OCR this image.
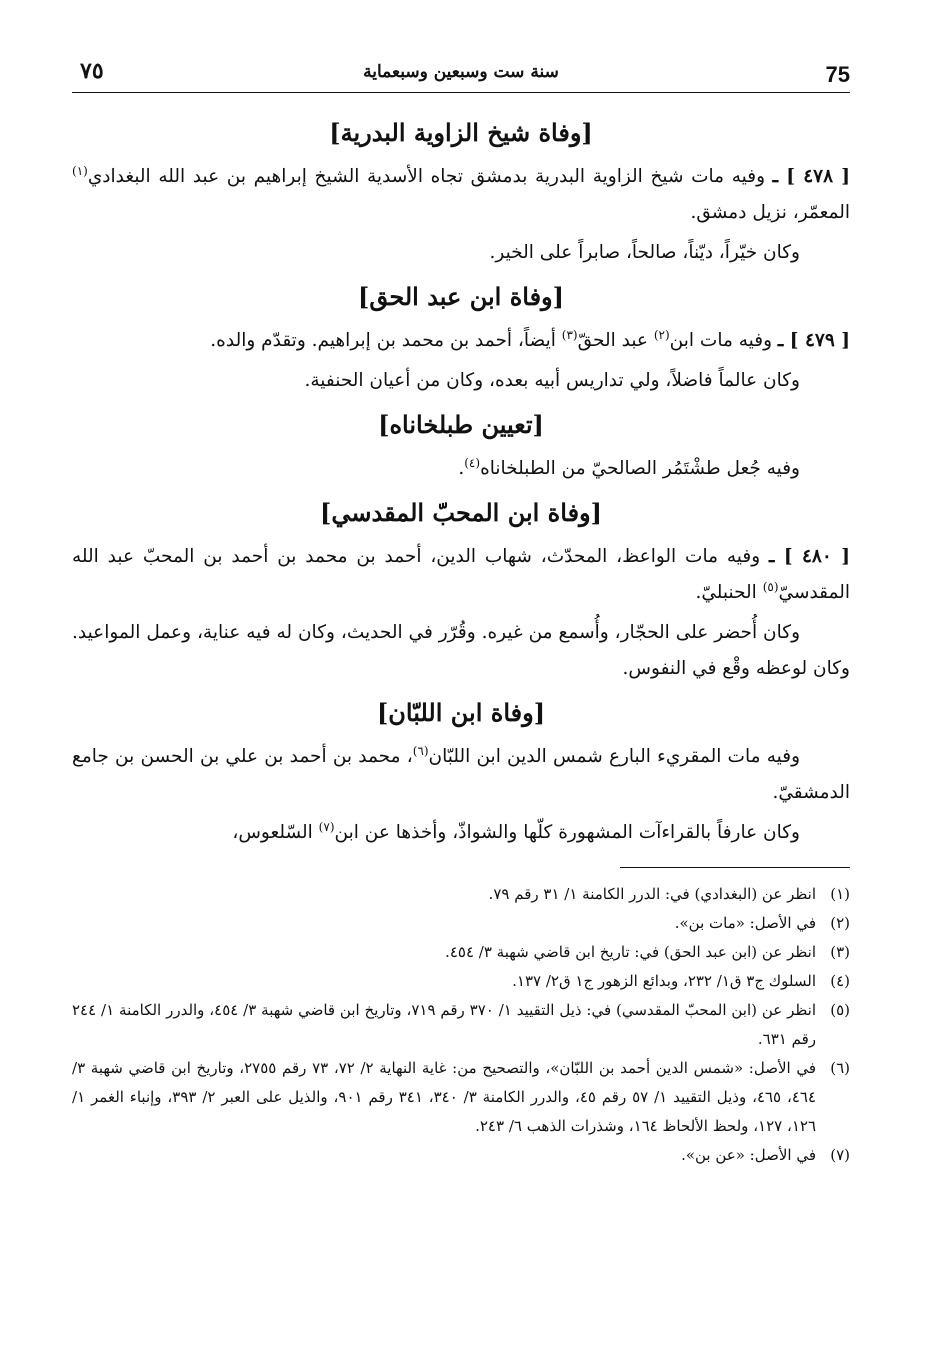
75
سنة ست وسبعين وسبعماية
٧٥
[وفاة شيخ الزاوية البدرية]

[ ٤٧٨ ] ـ وفيه مات شيخ الزاوية البدرية بدمشق تجاه الأسدية الشيخ إبراهيم بن عبد الله البغدادي$^{(١)}$ المعمّر، نزيل دمشق.

وكان خيّراً، ديّناً، صالحاً، صابراً على الخير.

[وفاة ابن عبد الحق]

[ ٤٧٩ ] ـ وفيه مات ابن$^{(٢)}$ عبد الحقّ$^{(٣)}$ أيضاً، أحمد بن محمد بن إبراهيم. وتقدّم والده.

وكان عالماً فاضلاً، ولي تداريس أبيه بعده، وكان من أعيان الحنفية.

[تعيين طبلخاناه]

وفيه جُعل طشْتَمُر الصالحيّ من الطبلخاناه$^{(٤)}$.

[وفاة ابن المحبّ المقدسي]

[ ٤٨٠ ] ـ وفيه مات الواعظ، المحدّث، شهاب الدين، أحمد بن محمد بن أحمد بن المحبّ عبد الله المقدسيّ$^{(٥)}$ الحنبليّ.

وكان أُحضر على الحجّار، وأُسمع من غيره. وقُرّر في الحديث، وكان له فيه عناية، وعمل المواعيد. وكان لوعظه وقْع في النفوس.

[وفاة ابن اللبّان]

وفيه مات المقريء البارع شمس الدين ابن اللبّان$^{(٦)}$، محمد بن أحمد بن علي بن الحسن بن جامع الدمشقيّ.

وكان عارفاً بالقراءآت المشهورة كلّها والشواذّ، وأخذها عن ابن$^{(٧)}$ السّلعوس،

(١)
انظر عن (البغدادي) في: الدرر الكامنة ١/ ٣١ رقم ٧٩.
(٢)
في الأصل: «مات بن».
(٣)
انظر عن (ابن عبد الحق) في: تاريخ ابن قاضي شهبة ٣/ ٤٥٤.
(٤)
السلوك ج٣ ق١/ ٢٣٢، وبدائع الزهور ج١ ق٢/ ١٣٧.
(٥)
انظر عن (ابن المحبّ المقدسي) في: ذيل التقييد ١/ ٣٧٠ رقم ٧١٩، وتاريخ ابن قاضي شهبة ٣/ ٤٥٤، والدرر الكامنة ١/ ٢٤٤ رقم ٦٣١.
(٦)
في الأصل: «شمس الدين أحمد بن اللبّان»، والتصحيح من: غاية النهاية ٢/ ٧٢، ٧٣ رقم ٢٧٥٥، وتاريخ ابن قاضي شهبة ٣/ ٤٦٤، ٤٦٥، وذيل التقييد ١/ ٥٧ رقم ٤٥، والدرر الكامنة ٣/ ٣٤٠، ٣٤١ رقم ٩٠١، والذيل على العبر ٢/ ٣٩٣، وإنباء الغمر ١/ ١٢٦، ١٢٧، ولحظ الألحاظ ١٦٤، وشذرات الذهب ٦/ ٢٤٣.
(٧)
في الأصل: «عن بن».
